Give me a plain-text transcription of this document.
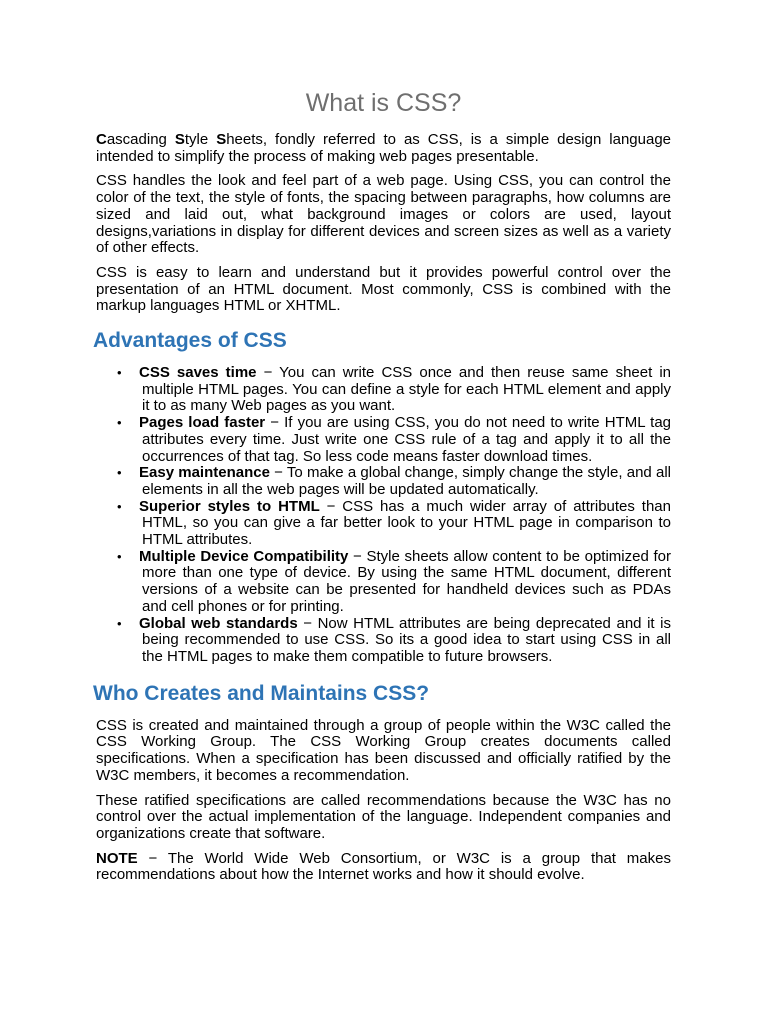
What is CSS?

Cascading Style Sheets, fondly referred to as CSS, is a simple design language intended to simplify the process of making web pages presentable.

CSS handles the look and feel part of a web page. Using CSS, you can control the color of the text, the style of fonts, the spacing between paragraphs, how columns are sized and laid out, what background images or colors are used, layout designs,variations in display for different devices and screen sizes as well as a variety of other effects.

CSS is easy to learn and understand but it provides powerful control over the presentation of an HTML document. Most commonly, CSS is combined with the markup languages HTML or XHTML.

Advantages of CSS
• CSS saves time − You can write CSS once and then reuse same sheet in multiple HTML pages. You can define a style for each HTML element and apply it to as many Web pages as you want.
• Pages load faster − If you are using CSS, you do not need to write HTML tag attributes every time. Just write one CSS rule of a tag and apply it to all the occurrences of that tag. So less code means faster download times.
• Easy maintenance − To make a global change, simply change the style, and all elements in all the web pages will be updated automatically.
• Superior styles to HTML − CSS has a much wider array of attributes than HTML, so you can give a far better look to your HTML page in comparison to HTML attributes.
• Multiple Device Compatibility − Style sheets allow content to be optimized for more than one type of device. By using the same HTML document, different versions of a website can be presented for handheld devices such as PDAs and cell phones or for printing.
• Global web standards − Now HTML attributes are being deprecated and it is being recommended to use CSS. So its a good idea to start using CSS in all the HTML pages to make them compatible to future browsers.
Who Creates and Maintains CSS?

CSS is created and maintained through a group of people within the W3C called the CSS Working Group. The CSS Working Group creates documents called specifications. When a specification has been discussed and officially ratified by the W3C members, it becomes a recommendation.

These ratified specifications are called recommendations because the W3C has no control over the actual implementation of the language. Independent companies and organizations create that software.

NOTE − The World Wide Web Consortium, or W3C is a group that makes recommendations about how the Internet works and how it should evolve.
